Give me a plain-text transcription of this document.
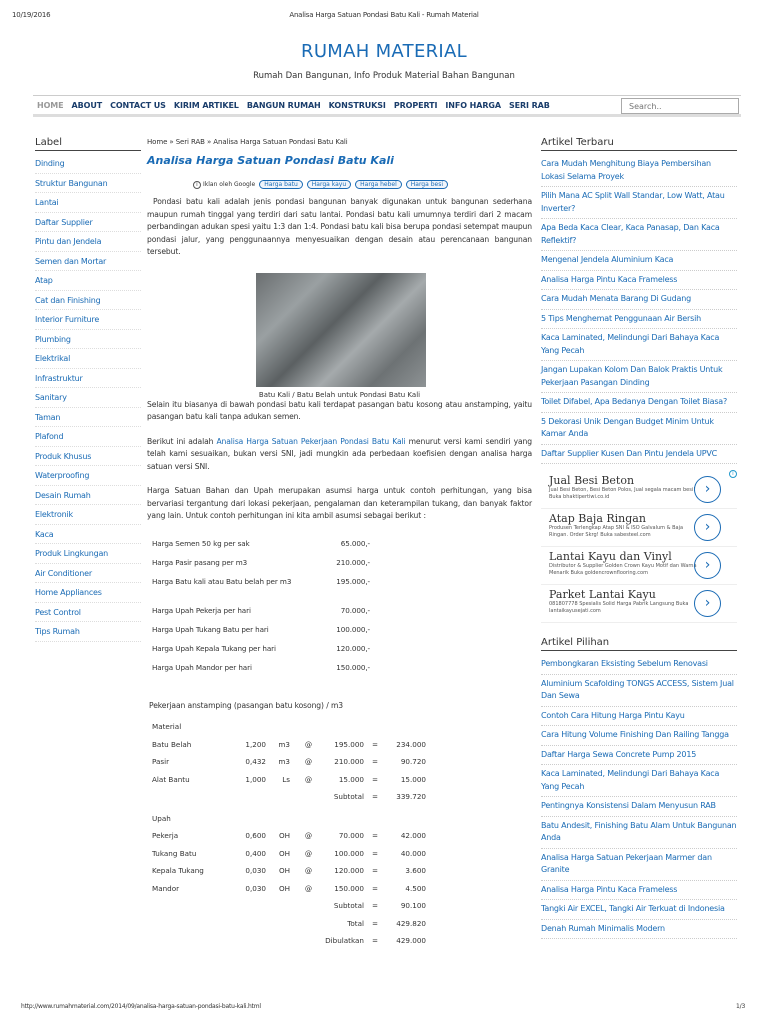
10/19/2016	Analisa Harga Satuan Pondasi Batu Kali - Rumah Material
RUMAH MATERIAL
Rumah Dan Bangunan, Info Produk Material Bahan Bangunan
HOME ABOUT CONTACT US KIRIM ARTIKEL BANGUN RUMAH KONSTRUKSI PROPERTI INFO HARGA SERI RAB
Search..
Label
Dinding
Struktur Bangunan
Lantai
Daftar Supplier
Pintu dan Jendela
Semen dan Mortar
Atap
Cat dan Finishing
Interior Furniture
Plumbing
Elektrikal
Infrastruktur
Sanitary
Taman
Plafond
Produk Khusus
Waterproofing
Desain Rumah
Elektronik
Kaca
Produk Lingkungan
Air Conditioner
Home Appliances
Pest Control
Tips Rumah
Home » Seri RAB » Analisa Harga Satuan Pondasi Batu Kali
Analisa Harga Satuan Pondasi Batu Kali
i Iklan oleh Google	Harga batu	Harga kayu	Harga hebel	Harga besi

Pondasi batu kali adalah jenis pondasi bangunan banyak digunakan untuk bangunan sederhana maupun rumah tinggal yang terdiri dari satu lantai. Pondasi batu kali umumnya terdiri dari 2 macam perbandingan adukan spesi yaitu 1:3 dan 1:4. Pondasi batu kali bisa berupa pondasi setempat maupun pondasi jalur, yang penggunaannya menyesuaikan dengan desain atau perencanaan bangunan tersebut.

Batu Kali / Batu Belah untuk Pondasi Batu Kali

Selain itu biasanya di bawah pondasi batu kali terdapat pasangan batu kosong atau anstamping, yaitu pasangan batu kali tanpa adukan semen.

Berikut ini adalah Analisa Harga Satuan Pekerjaan Pondasi Batu Kali menurut versi kami sendiri yang telah kami sesuaikan, bukan versi SNI, jadi mungkin ada perbedaan koefisien dengan analisa harga satuan versi SNI.

Harga Satuan Bahan dan Upah merupakan asumsi harga untuk contoh perhitungan, yang bisa bervariasi tergantung dari lokasi pekerjaan, pengalaman dan keterampilan tukang, dan banyak faktor yang lain. Untuk contoh perhitungan ini kita ambil asumsi sebagai berikut :

Harga Semen 50 kg per sak	65.000,-
Harga Pasir pasang per m3	210.000,-
Harga Batu kali atau Batu belah per m3	195.000,-
Harga Upah Pekerja per hari	70.000,-
Harga Upah Tukang Batu per hari	100.000,-
Harga Upah Kepala Tukang per hari	120.000,-
Harga Upah Mandor per hari	150.000,-
Pekerjaan anstamping (pasangan batu kosong) / m3
Material
Batu Belah	1,200	m3	@	195.000	=	234.000
Pasir	0,432	m3	@	210.000	=	90.720
Alat Bantu	1,000	Ls	@	15.000	=	15.000
Subtotal	=	339.720
Upah
Pekerja	0,600	OH	@	70.000	=	42.000
Tukang Batu	0,400	OH	@	100.000	=	40.000
Kepala Tukang	0,030	OH	@	120.000	=	3.600
Mandor	0,030	OH	@	150.000	=	4.500
Subtotal	=	90.100
Total	=	429.820
Dibulatkan	=	429.000
Artikel Terbaru
Cara Mudah Menghitung Biaya Pembersihan Lokasi Selama Proyek
Pilih Mana AC Split Wall Standar, Low Watt, Atau Inverter?
Apa Beda Kaca Clear, Kaca Panasap, Dan Kaca Reflektif?
Mengenal Jendela Aluminium Kaca
Analisa Harga Pintu Kaca Frameless
Cara Mudah Menata Barang Di Gudang
5 Tips Menghemat Penggunaan Air Bersih
Kaca Laminated, Melindungi Dari Bahaya Kaca Yang Pecah
Jangan Lupakan Kolom Dan Balok Praktis Untuk Pekerjaan Pasangan Dinding
Toilet Difabel, Apa Bedanya Dengan Toilet Biasa?
5 Dekorasi Unik Dengan Budget Minim Untuk Kamar Anda
Daftar Supplier Kusen Dan Pintu Jendela UPVC
i
Jual Besi Beton
Jual Besi Beton, Besi Beton Polos, Jual segala macam besi! Buka bhaktipertiwi.co.id	›
Atap Baja Ringan
Produsen Terlengkap Atap SNI & ISO Galvalum & Baja Ringan. Order Skrg! Buka sabesteel.com	›
Lantai Kayu dan Vinyl
Distributor & Supplier Golden Crown Kayu Motif dan Warna Menarik Buka goldencrownflooring.com	›
Parket Lantai Kayu
081807778 Spesialis Solid Harga Pabrik Langsung Buka lantaikayusejati.com	›
Artikel Pilihan
Pembongkaran Eksisting Sebelum Renovasi
Aluminium Scafolding TONGS ACCESS, Sistem Jual Dan Sewa
Contoh Cara Hitung Harga Pintu Kayu
Cara Hitung Volume Finishing Dan Railing Tangga
Daftar Harga Sewa Concrete Pump 2015
Kaca Laminated, Melindungi Dari Bahaya Kaca Yang Pecah
Pentingnya Konsistensi Dalam Menyusun RAB
Batu Andesit, Finishing Batu Alam Untuk Bangunan Anda
Analisa Harga Satuan Pekerjaan Marmer dan Granite
Analisa Harga Pintu Kaca Frameless
Tangki Air EXCEL, Tangki Air Terkuat di Indonesia
Denah Rumah Minimalis Modern
http://www.rumahmaterial.com/2014/09/analisa-harga-satuan-pondasi-batu-kali.html	1/3
